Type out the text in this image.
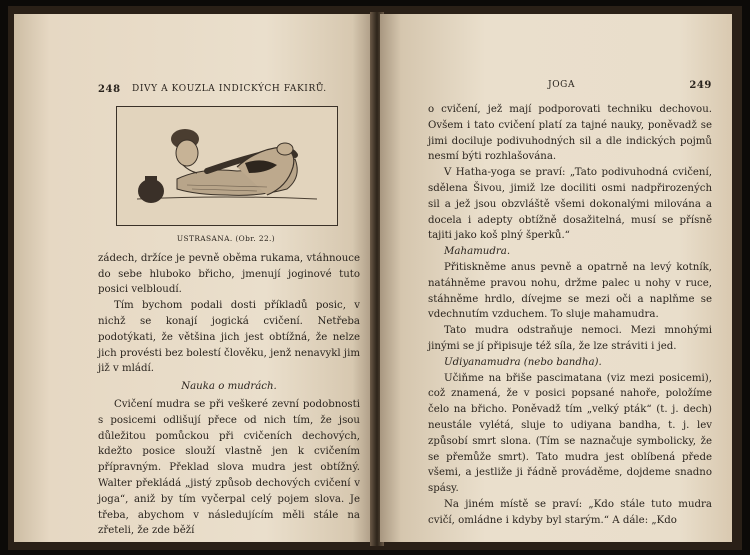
248 DIVY A KOUZLA INDICKÝCH FAKIRŮ.
USTRASANA. (Obr. 22.)

zádech, držíce je pevně oběma rukama, vtáhnouce do sebe hluboko břicho, jmenují joginové tuto posici velbloudí.

Tím bychom podali dosti příkladů posic, v nichž se konají jogická cvičení. Netřeba podotýkati, že většina jich jest obtížná, že nelze jich provésti bez bolestí člověku, jenž nenavykl jim již v mládí.

Nauka o mudrách.

Cvičení mudra se při veškeré zevní podobnosti s posicemi odlišují přece od nich tím, že jsou důležitou pomůckou při cvičeních dechových, kdežto posice slouží vlastně jen k cvičením přípravným. Překlad slova mudra jest obtížný. Walter překládá „jistý způsob dechových cvičení v joga“, aniž by tím vyčerpal celý pojem slova. Je třeba, abychom v následujícím měli stále na zřeteli, že zde běží

JOGA	249

o cvičení, jež mají podporovati techniku dechovou. Ovšem i tato cvičení platí za tajné nauky, poněvadž se jimi dociluje podivuhodných sil a dle indických pojmů nesmí býti rozhlašována.

V Hatha-yoga se praví: „Tato podivuhodná cvičení, sdělena Šivou, jimiž lze dociliti osmi nadpřirozených sil a jež jsou obzvláště všemi dokonalými milována a docela i adepty obtížně dosažitelná, musí se přísně tajiti jako koš plný šperků.“

Mahamudra.

Přitiskněme anus pevně a opatrně na levý kotník, natáhněme pravou nohu, držme palec u nohy v ruce, stáhněme hrdlo, dívejme se mezi oči a naplňme se vdechnutím vzduchem. To sluje mahamudra.

Tato mudra odstraňuje nemoci. Mezi mnohými jinými se jí připisuje též síla, že lze stráviti i jed.

Udiyanamudra (nebo bandha).

Učiňme na břiše pascimatana (viz mezi posicemi), což znamená, že v posici popsané nahoře, položíme čelo na břicho. Poněvadž tím „velký pták“ (t. j. dech) neustále vylétá, sluje to udiyana bandha, t. j. lev způsobí smrt slona. (Tím se naznačuje symbolicky, že se přemůže smrt). Tato mudra jest oblíbená přede všemi, a jestliže ji řádně prováděme, dojdeme snadno spásy.

Na jiném místě se praví: „Kdo stále tuto mudra cvičí, omládne i kdyby byl starým.“ A dále: „Kdo
